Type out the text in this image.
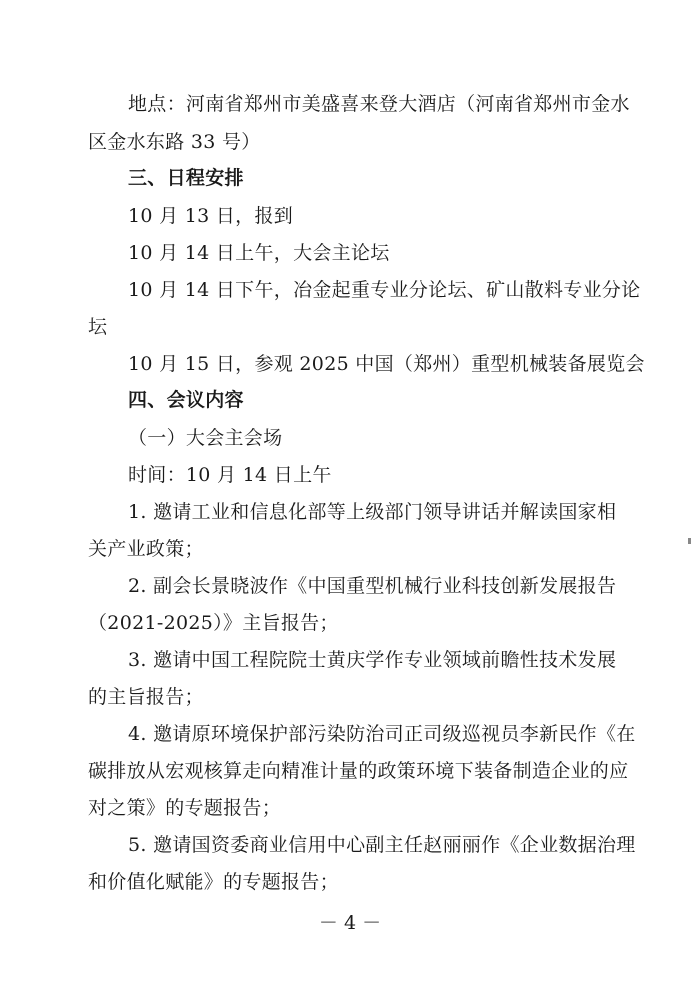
地点：河南省郑州市美盛喜来登大酒店（河南省郑州市金水
区金水东路 33 号）
三、日程安排
10 月 13 日，报到
10 月 14 日上午，大会主论坛
10 月 14 日下午，冶金起重专业分论坛、矿山散料专业分论
坛
10 月 15 日，参观 2025 中国（郑州）重型机械装备展览会
四、会议内容
（一）大会主会场
时间：10 月 14 日上午
1. 邀请工业和信息化部等上级部门领导讲话并解读国家相
关产业政策；
2. 副会长景晓波作《中国重型机械行业科技创新发展报告
（2021-2025）》主旨报告；
3. 邀请中国工程院院士黄庆学作专业领域前瞻性技术发展
的主旨报告；
4. 邀请原环境保护部污染防治司正司级巡视员李新民作《在
碳排放从宏观核算走向精准计量的政策环境下装备制造企业的应
对之策》的专题报告；
5. 邀请国资委商业信用中心副主任赵丽丽作《企业数据治理
和价值化赋能》的专题报告；
－ 4 －
